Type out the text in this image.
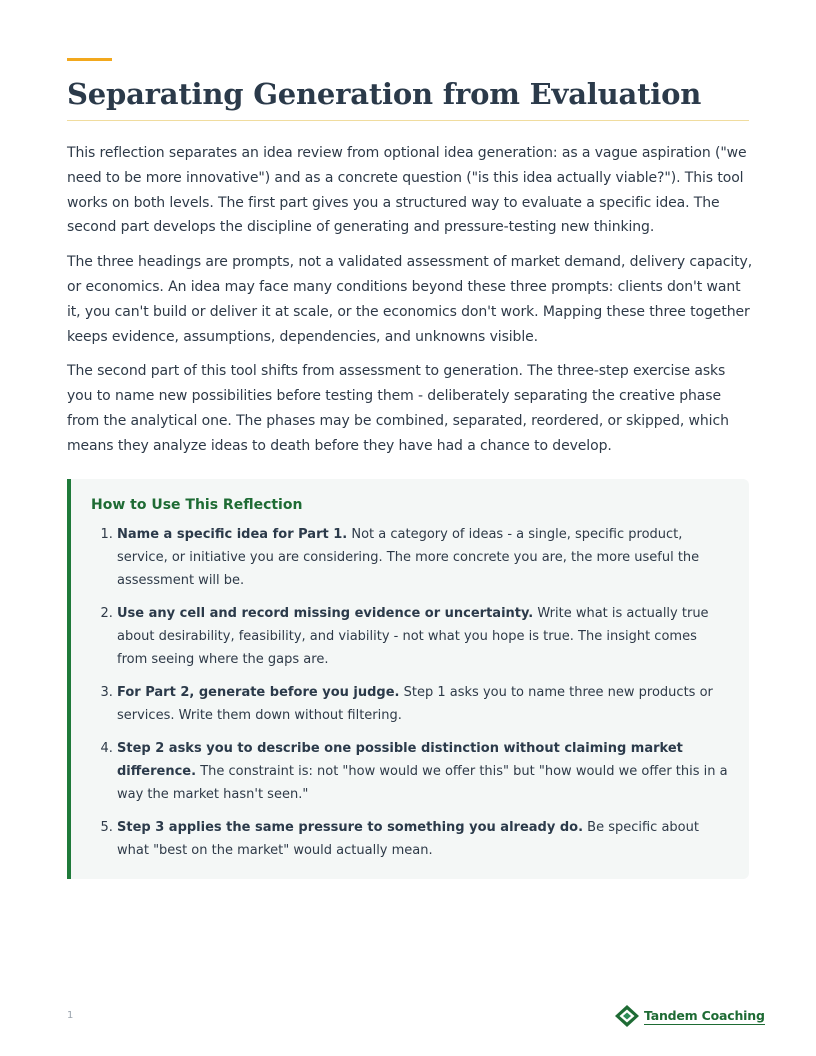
Separating Generation from Evaluation

This reflection separates an idea review from optional idea generation: as a vague aspiration ("we need to be more innovative") and as a concrete question ("is this idea actually viable?"). This tool works on both levels. The first part gives you a structured way to evaluate a specific idea. The second part develops the discipline of generating and pressure-testing new thinking.

The three headings are prompts, not a validated assessment of market demand, delivery capacity, or economics. An idea may face many conditions beyond these three prompts: clients don't want it, you can't build or deliver it at scale, or the economics don't work. Mapping these three together keeps evidence, assumptions, dependencies, and unknowns visible.

The second part of this tool shifts from assessment to generation. The three-step exercise asks you to name new possibilities before testing them - deliberately separating the creative phase from the analytical one. The phases may be combined, separated, reordered, or skipped, which means they analyze ideas to death before they have had a chance to develop.

How to Use This Reflection
1. Name a specific idea for Part 1. Not a category of ideas - a single, specific product, service, or initiative you are considering. The more concrete you are, the more useful the assessment will be.
2. Use any cell and record missing evidence or uncertainty. Write what is actually true about desirability, feasibility, and viability - not what you hope is true. The insight comes from seeing where the gaps are.
3. For Part 2, generate before you judge. Step 1 asks you to name three new products or services. Write them down without filtering.
4. Step 2 asks you to describe one possible distinction without claiming market difference. The constraint is: not "how would we offer this" but "how would we offer this in a way the market hasn't seen."
5. Step 3 applies the same pressure to something you already do. Be specific about what "best on the market" would actually mean.
1	Tandem Coaching
